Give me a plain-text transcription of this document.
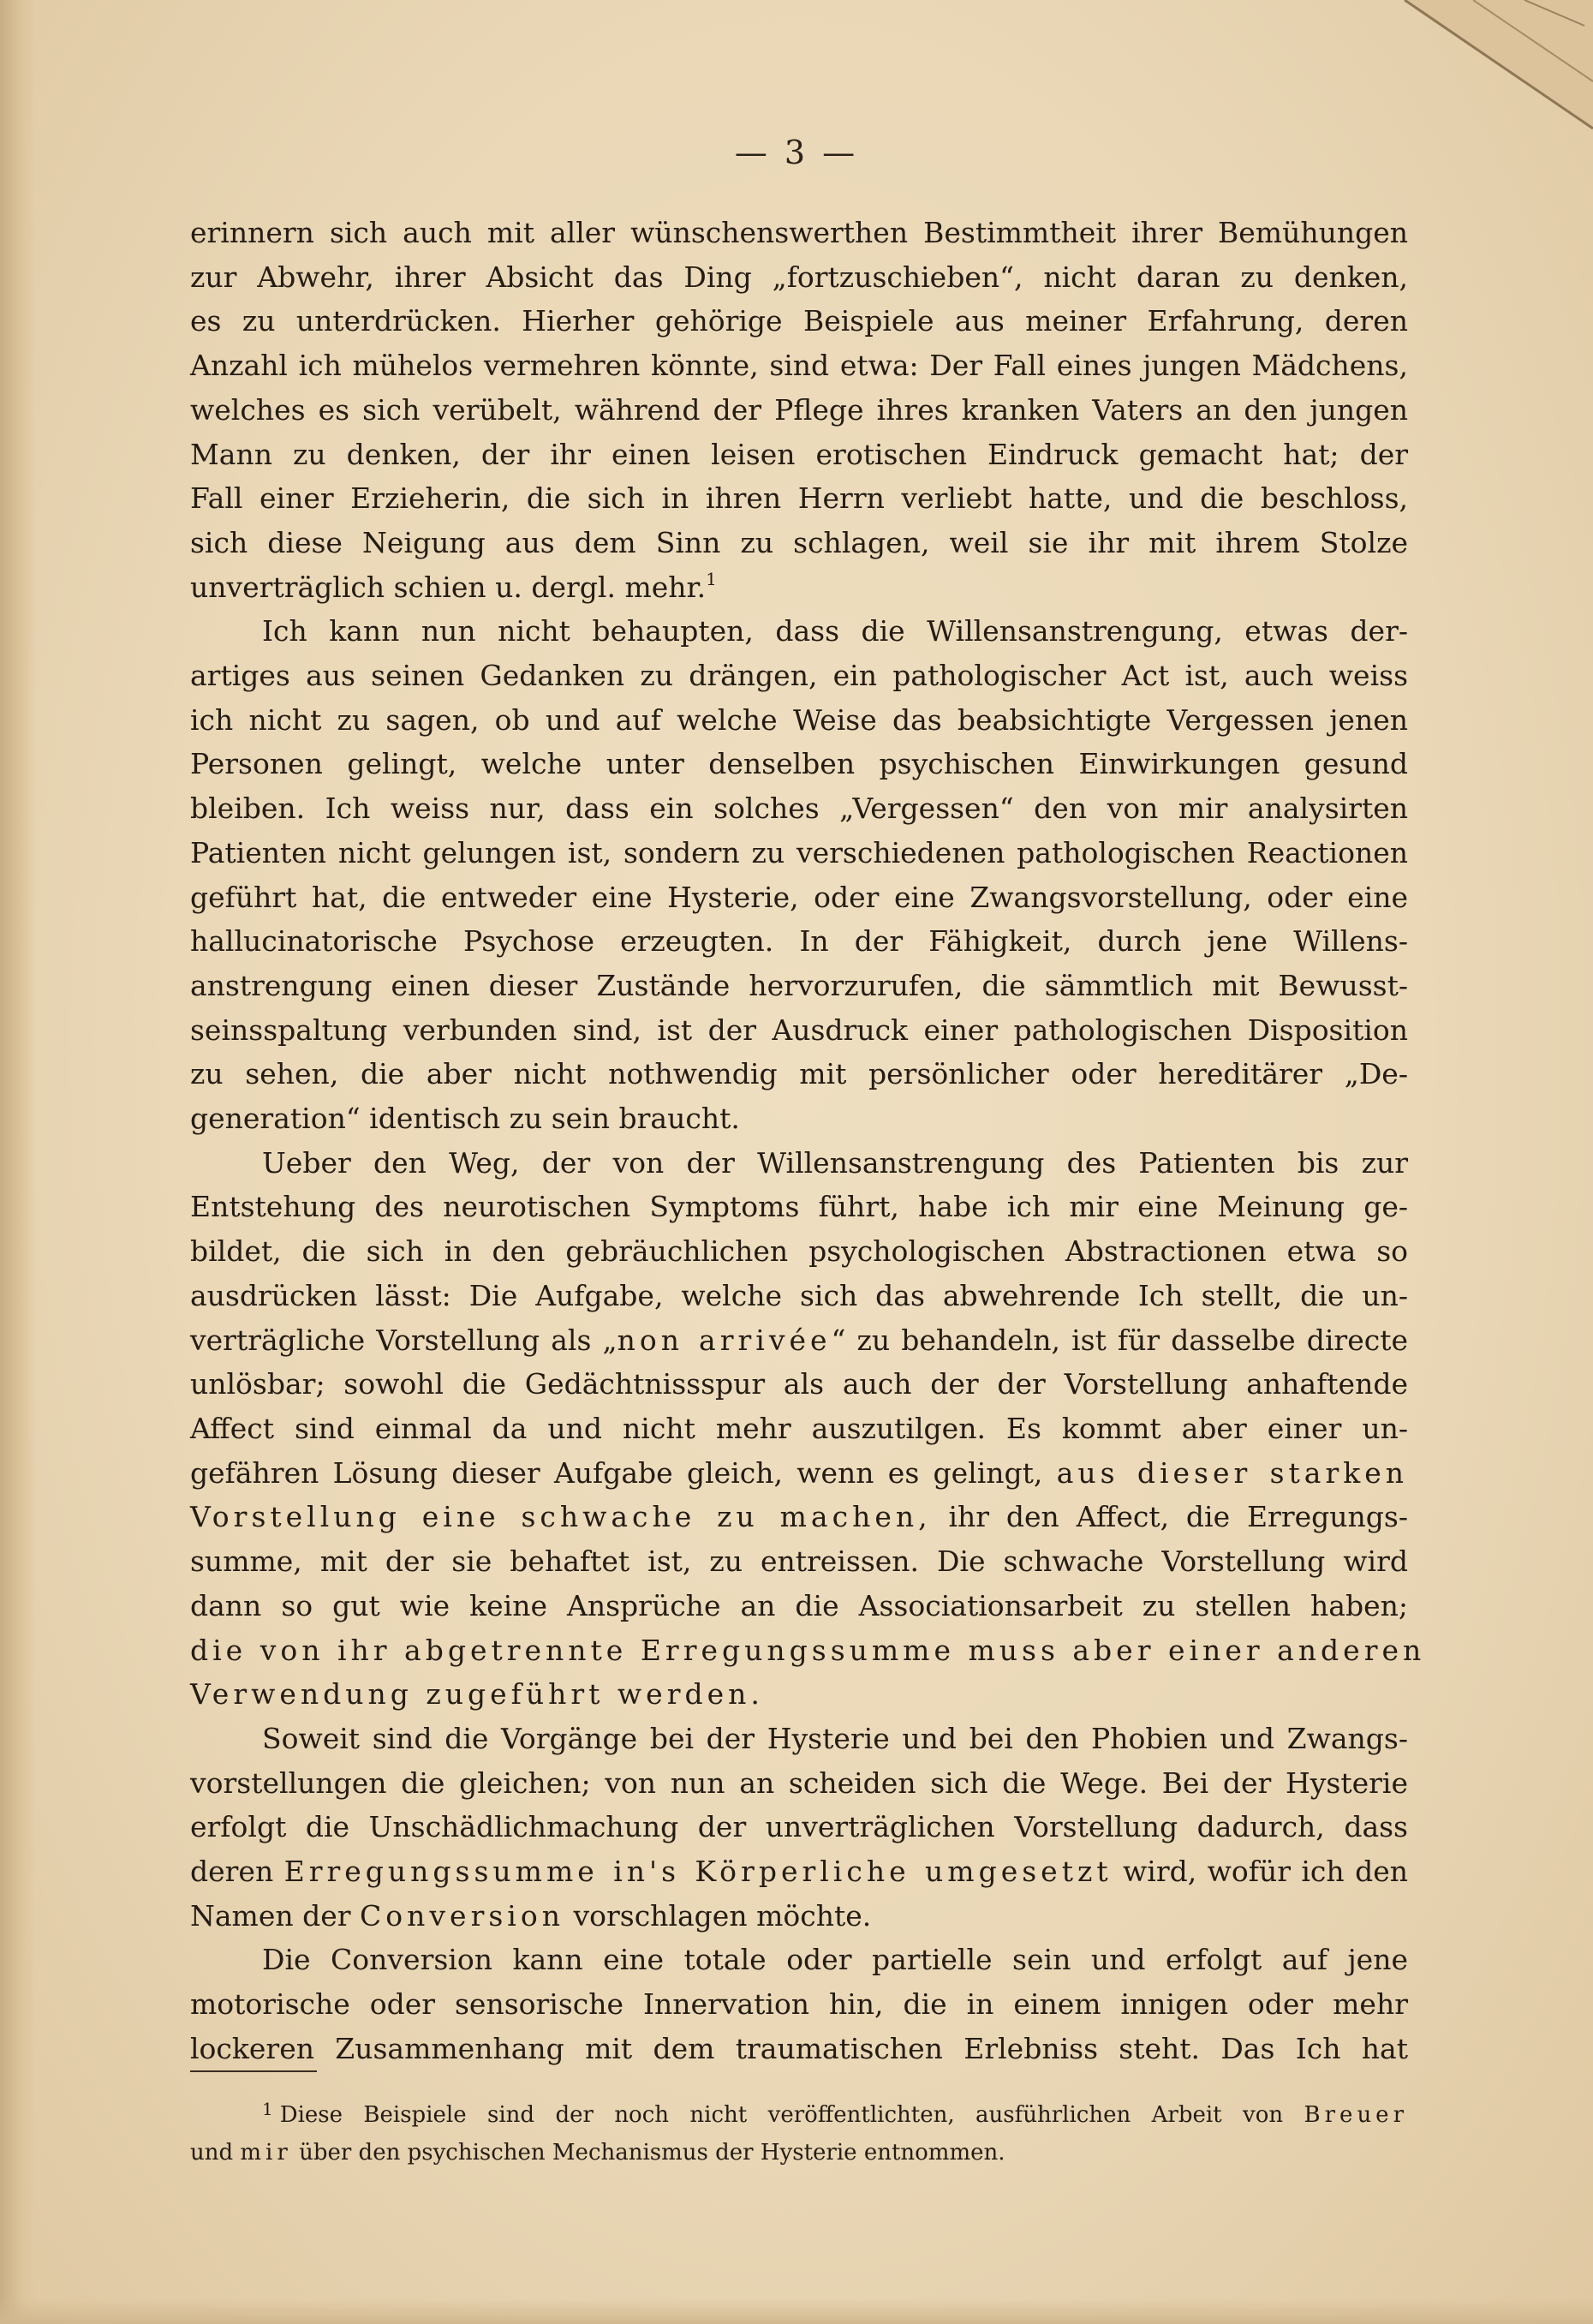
— 3 —
erinnern sich auch mit aller wünschenswerthen Bestimmtheit ihrer Bemühungen
zur Abwehr, ihrer Absicht das Ding „fortzuschieben“, nicht daran zu denken,
es zu unterdrücken. Hierher gehörige Beispiele aus meiner Erfahrung, deren
Anzahl ich mühelos vermehren könnte, sind etwa: Der Fall eines jungen Mädchens,
welches es sich verübelt, während der Pflege ihres kranken Vaters an den jungen
Mann zu denken, der ihr einen leisen erotischen Eindruck gemacht hat; der
Fall einer Erzieherin, die sich in ihren Herrn verliebt hatte, und die beschloss,
sich diese Neigung aus dem Sinn zu schlagen, weil sie ihr mit ihrem Stolze
unverträglich schien u. dergl. mehr.$^1$
Ich kann nun nicht behaupten, dass die Willensanstrengung, etwas der-
artiges aus seinen Gedanken zu drängen, ein pathologischer Act ist, auch weiss
ich nicht zu sagen, ob und auf welche Weise das beabsichtigte Vergessen jenen
Personen gelingt, welche unter denselben psychischen Einwirkungen gesund
bleiben. Ich weiss nur, dass ein solches „Vergessen“ den von mir analysirten
Patienten nicht gelungen ist, sondern zu verschiedenen pathologischen Reactionen
geführt hat, die entweder eine Hysterie, oder eine Zwangsvorstellung, oder eine
hallucinatorische Psychose erzeugten. In der Fähigkeit, durch jene Willens-
anstrengung einen dieser Zustände hervorzurufen, die sämmtlich mit Bewusst-
seinsspaltung verbunden sind, ist der Ausdruck einer pathologischen Disposition
zu sehen, die aber nicht nothwendig mit persönlicher oder hereditärer „De-
generation“ identisch zu sein braucht.
Ueber den Weg, der von der Willensanstrengung des Patienten bis zur
Entstehung des neurotischen Symptoms führt, habe ich mir eine Meinung ge-
bildet, die sich in den gebräuchlichen psychologischen Abstractionen etwa so
ausdrücken lässt: Die Aufgabe, welche sich das abwehrende Ich stellt, die un-
verträgliche Vorstellung als „non arrivée“ zu behandeln, ist für dasselbe directe
unlösbar; sowohl die Gedächtnissspur als auch der der Vorstellung anhaftende
Affect sind einmal da und nicht mehr auszutilgen. Es kommt aber einer un-
gefähren Lösung dieser Aufgabe gleich, wenn es gelingt, aus dieser starken
Vorstellung eine schwache zu machen, ihr den Affect, die Erregungs-
summe, mit der sie behaftet ist, zu entreissen. Die schwache Vorstellung wird
dann so gut wie keine Ansprüche an die Associationsarbeit zu stellen haben;
die von ihr abgetrennte Erregungssumme muss aber einer anderen
Verwendung zugeführt werden.
Soweit sind die Vorgänge bei der Hysterie und bei den Phobien und Zwangs-
vorstellungen die gleichen; von nun an scheiden sich die Wege. Bei der Hysterie
erfolgt die Unschädlichmachung der unverträglichen Vorstellung dadurch, dass
deren Erregungssumme in's Körperliche umgesetzt wird, wofür ich den
Namen der Conversion vorschlagen möchte.
Die Conversion kann eine totale oder partielle sein und erfolgt auf jene
motorische oder sensorische Innervation hin, die in einem innigen oder mehr
lockeren Zusammenhang mit dem traumatischen Erlebniss steht. Das Ich hat
$^1$ Diese Beispiele sind der noch nicht veröffentlichten, ausführlichen Arbeit von Breuer
und mir über den psychischen Mechanismus der Hysterie entnommen.
